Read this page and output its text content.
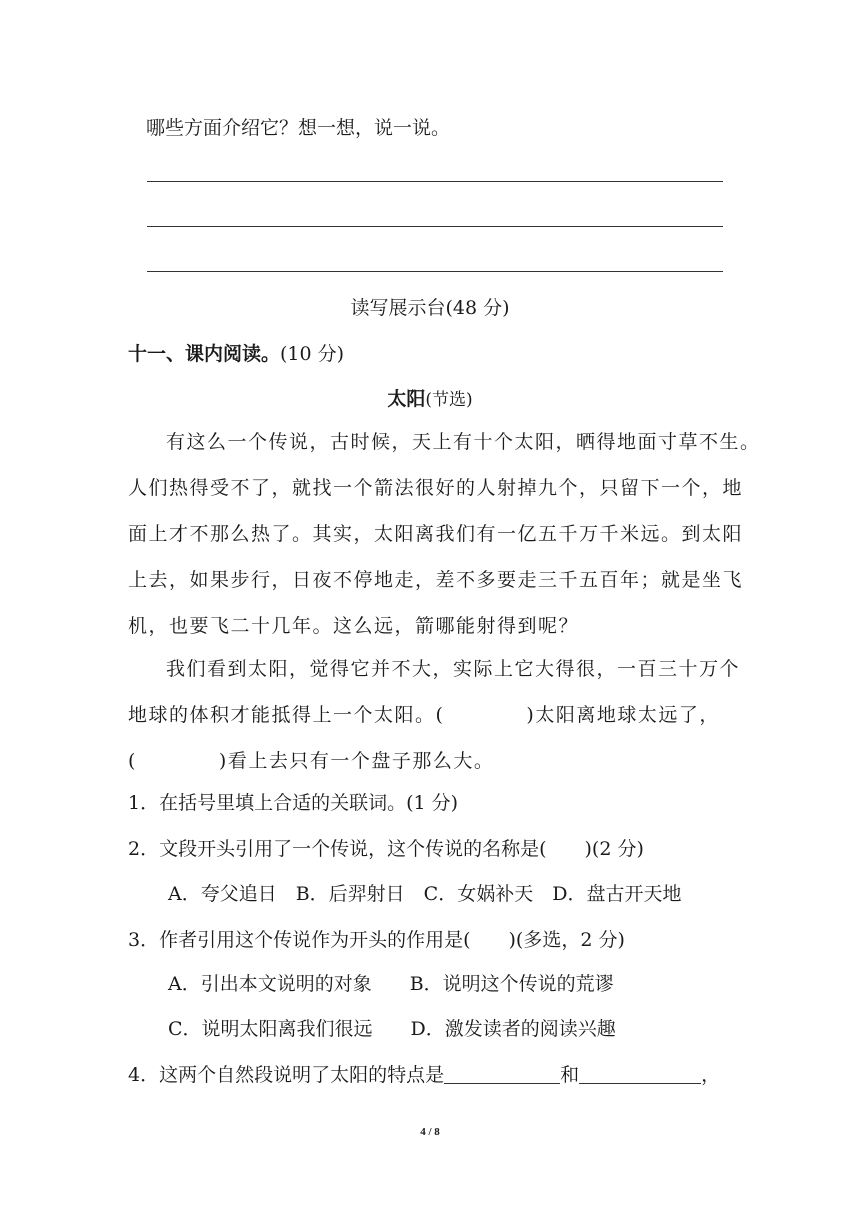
哪些方面介绍它？想一想，说一说。
读写展示台(48 分)
十一、课内阅读。(10 分)
太阳(节选)
有这么一个传说，古时候，天上有十个太阳，晒得地面寸草不生。
人们热得受不了，就找一个箭法很好的人射掉九个，只留下一个，地
面上才不那么热了。其实，太阳离我们有一亿五千万千米远。到太阳
上去，如果步行，日夜不停地走，差不多要走三千五百年；就是坐飞
机，也要飞二十几年。这么远，箭哪能射得到呢？
我们看到太阳，觉得它并不大，实际上它大得很，一百三十万个
地球的体积才能抵得上一个太阳。(　　　　)太阳离地球太远了，
(　　　　)看上去只有一个盘子那么大。
1．在括号里填上合适的关联词。(1 分)
2．文段开头引用了一个传说，这个传说的名称是(　　)(2 分)
A．夸父追日　B．后羿射日　C．女娲补天　D．盘古开天地
3．作者引用这个传说作为开头的作用是(　　)(多选，2 分)
A．引出本文说明的对象　　B．说明这个传说的荒谬
C．说明太阳离我们很远　　D．激发读者的阅读兴趣
4．这两个自然段说明了太阳的特点是	和	，
4 / 8
